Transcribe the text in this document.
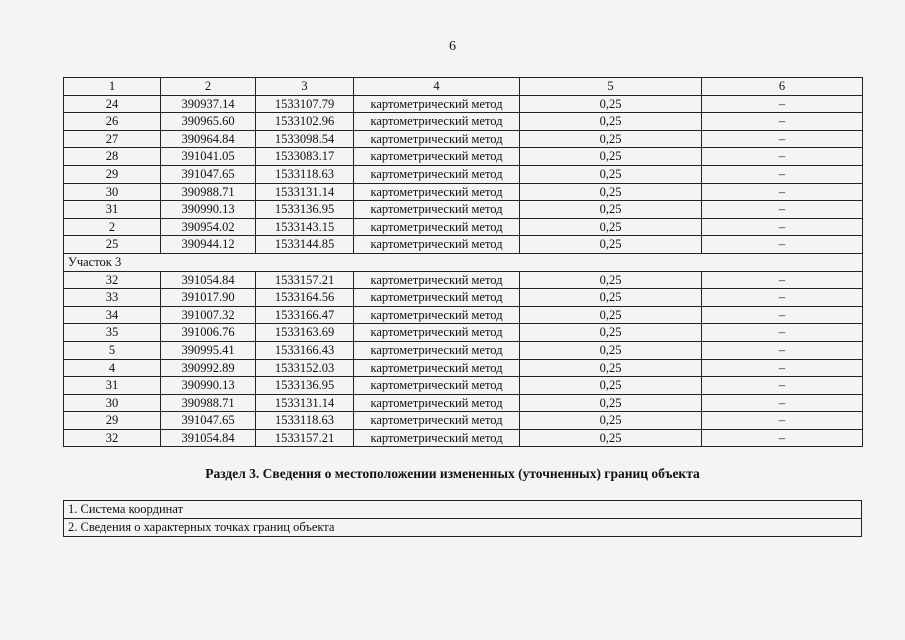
6
1	2	3	4	5	6
24	390937.14	1533107.79	картометрический метод	0,25	–
26	390965.60	1533102.96	картометрический метод	0,25	–
27	390964.84	1533098.54	картометрический метод	0,25	–
28	391041.05	1533083.17	картометрический метод	0,25	–
29	391047.65	1533118.63	картометрический метод	0,25	–
30	390988.71	1533131.14	картометрический метод	0,25	–
31	390990.13	1533136.95	картометрический метод	0,25	–
2	390954.02	1533143.15	картометрический метод	0,25	–
25	390944.12	1533144.85	картометрический метод	0,25	–
Участок 3					
32	391054.84	1533157.21	картометрический метод	0,25	–
33	391017.90	1533164.56	картометрический метод	0,25	–
34	391007.32	1533166.47	картометрический метод	0,25	–
35	391006.76	1533163.69	картометрический метод	0,25	–
5	390995.41	1533166.43	картометрический метод	0,25	–
4	390992.89	1533152.03	картометрический метод	0,25	–
31	390990.13	1533136.95	картометрический метод	0,25	–
30	390988.71	1533131.14	картометрический метод	0,25	–
29	391047.65	1533118.63	картометрический метод	0,25	–
32	391054.84	1533157.21	картометрический метод	0,25	–
Раздел 3. Сведения о местоположении измененных (уточненных) границ объекта
1. Система координат
2. Сведения о характерных точках границ объекта
